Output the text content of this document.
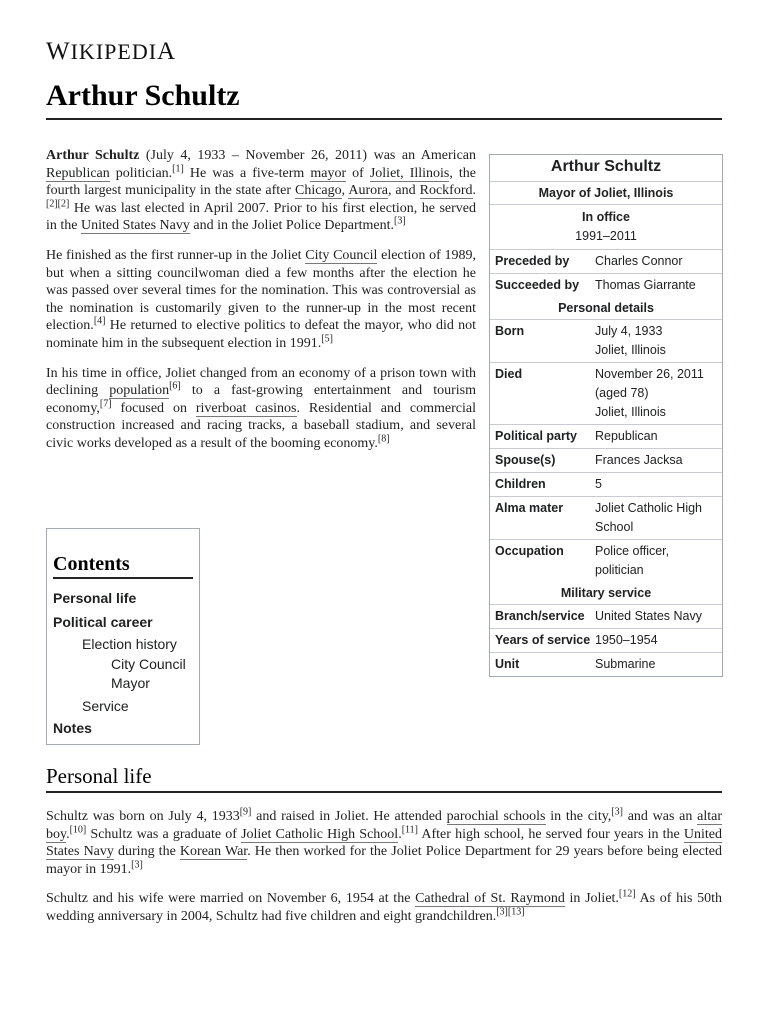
WIKIPEDIA
Arthur Schultz

Arthur Schultz (July 4, 1933 – November 26, 2011) was an American Republican politician.[1] He was a five-term mayor of Joliet, Illinois, the fourth largest municipality in the state after Chicago, Aurora, and Rockford.[2][2] He was last elected in April 2007. Prior to his first election, he served in the United States Navy and in the Joliet Police Department.[3]

He finished as the first runner-up in the Joliet City Council election of 1989, but when a sitting councilwoman died a few months after the election he was passed over several times for the nomination. This was controversial as the nomination is customarily given to the runner-up in the most recent election.[4] He returned to elective politics to defeat the mayor, who did not nominate him in the subsequent election in 1991.[5]

In his time in office, Joliet changed from an economy of a prison town with declining population[6] to a fast-growing entertainment and tourism economy,[7] focused on riverboat casinos. Residential and commercial construction increased and racing tracks, a baseball stadium, and several civic works developed as a result of the booming economy.[8]

Arthur Schultz
Mayor of Joliet, Illinois
In office
1991–2011
Preceded by	Charles Connor
Succeeded by	Thomas Giarrante
Personal details
Born	July 4, 1933
Joliet, Illinois
Died	November 26, 2011 (aged 78)
Joliet, Illinois
Political party	Republican
Spouse(s)	Frances Jacksa
Children	5
Alma mater	Joliet Catholic High School
Occupation	Police officer, politician
Military service
Branch/service United States Navy
Years of service 1950–1954
Unit	Submarine
Contents
Personal life
Political career
Election history
City Council
Mayor
Service
Notes
Personal life

Schultz was born on July 4, 1933[9] and raised in Joliet. He attended parochial schools in the city,[3] and was an altar boy.[10] Schultz was a graduate of Joliet Catholic High School.[11] After high school, he served four years in the United States Navy during the Korean War. He then worked for the Joliet Police Department for 29 years before being elected mayor in 1991.[3]

Schultz and his wife were married on November 6, 1954 at the Cathedral of St. Raymond in Joliet.[12] As of his 50th wedding anniversary in 2004, Schultz had five children and eight grandchildren.[3][13]
